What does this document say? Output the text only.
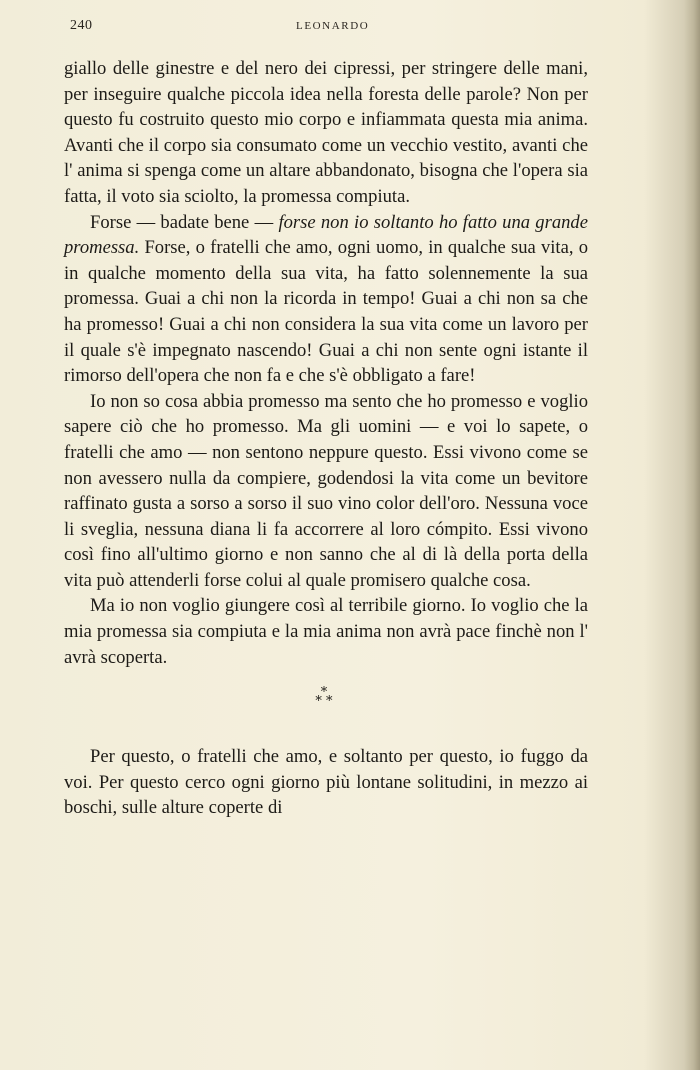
240	LEONARDO

giallo delle ginestre e del nero dei cipressi, per stringere delle mani, per inseguire qualche piccola idea nella foresta delle parole? Non per questo fu costruito questo mio corpo e infiammata questa mia anima. Avanti che il corpo sia consumato come un vecchio vestito, avanti che l' anima si spenga come un altare abbandonato, bisogna che l'opera sia fatta, il voto sia sciolto, la promessa compiuta.

Forse — badate bene — forse non io soltanto ho fatto una grande promessa. Forse, o fratelli che amo, ogni uomo, in qualche sua vita, o in qualche momento della sua vita, ha fatto solennemente la sua promessa. Guai a chi non la ricorda in tempo! Guai a chi non sa che ha promesso! Guai a chi non considera la sua vita come un lavoro per il quale s'è impegnato nascendo! Guai a chi non sente ogni istante il rimorso dell'opera che non fa e che s'è obbligato a fare!

Io non so cosa abbia promesso ma sento che ho promesso e voglio sapere ciò che ho promesso. Ma gli uomini — e voi lo sapete, o fratelli che amo — non sentono neppure questo. Essi vivono come se non avessero nulla da compiere, godendosi la vita come un bevitore raffinato gusta a sorso a sorso il suo vino color dell'oro. Nessuna voce li sveglia, nessuna diana li fa accorrere al loro cómpito. Essi vivono così fino all'ultimo giorno e non sanno che al di là della porta della vita può attenderli forse colui al quale promisero qualche cosa.

Ma io non voglio giungere così al terribile giorno. Io voglio che la mia promessa sia compiuta e la mia anima non avrà pace finchè non l' avrà scoperta.

*
* *

Per questo, o fratelli che amo, e soltanto per questo, io fuggo da voi. Per questo cerco ogni giorno più lontane solitudini, in mezzo ai boschi, sulle alture coperte di
